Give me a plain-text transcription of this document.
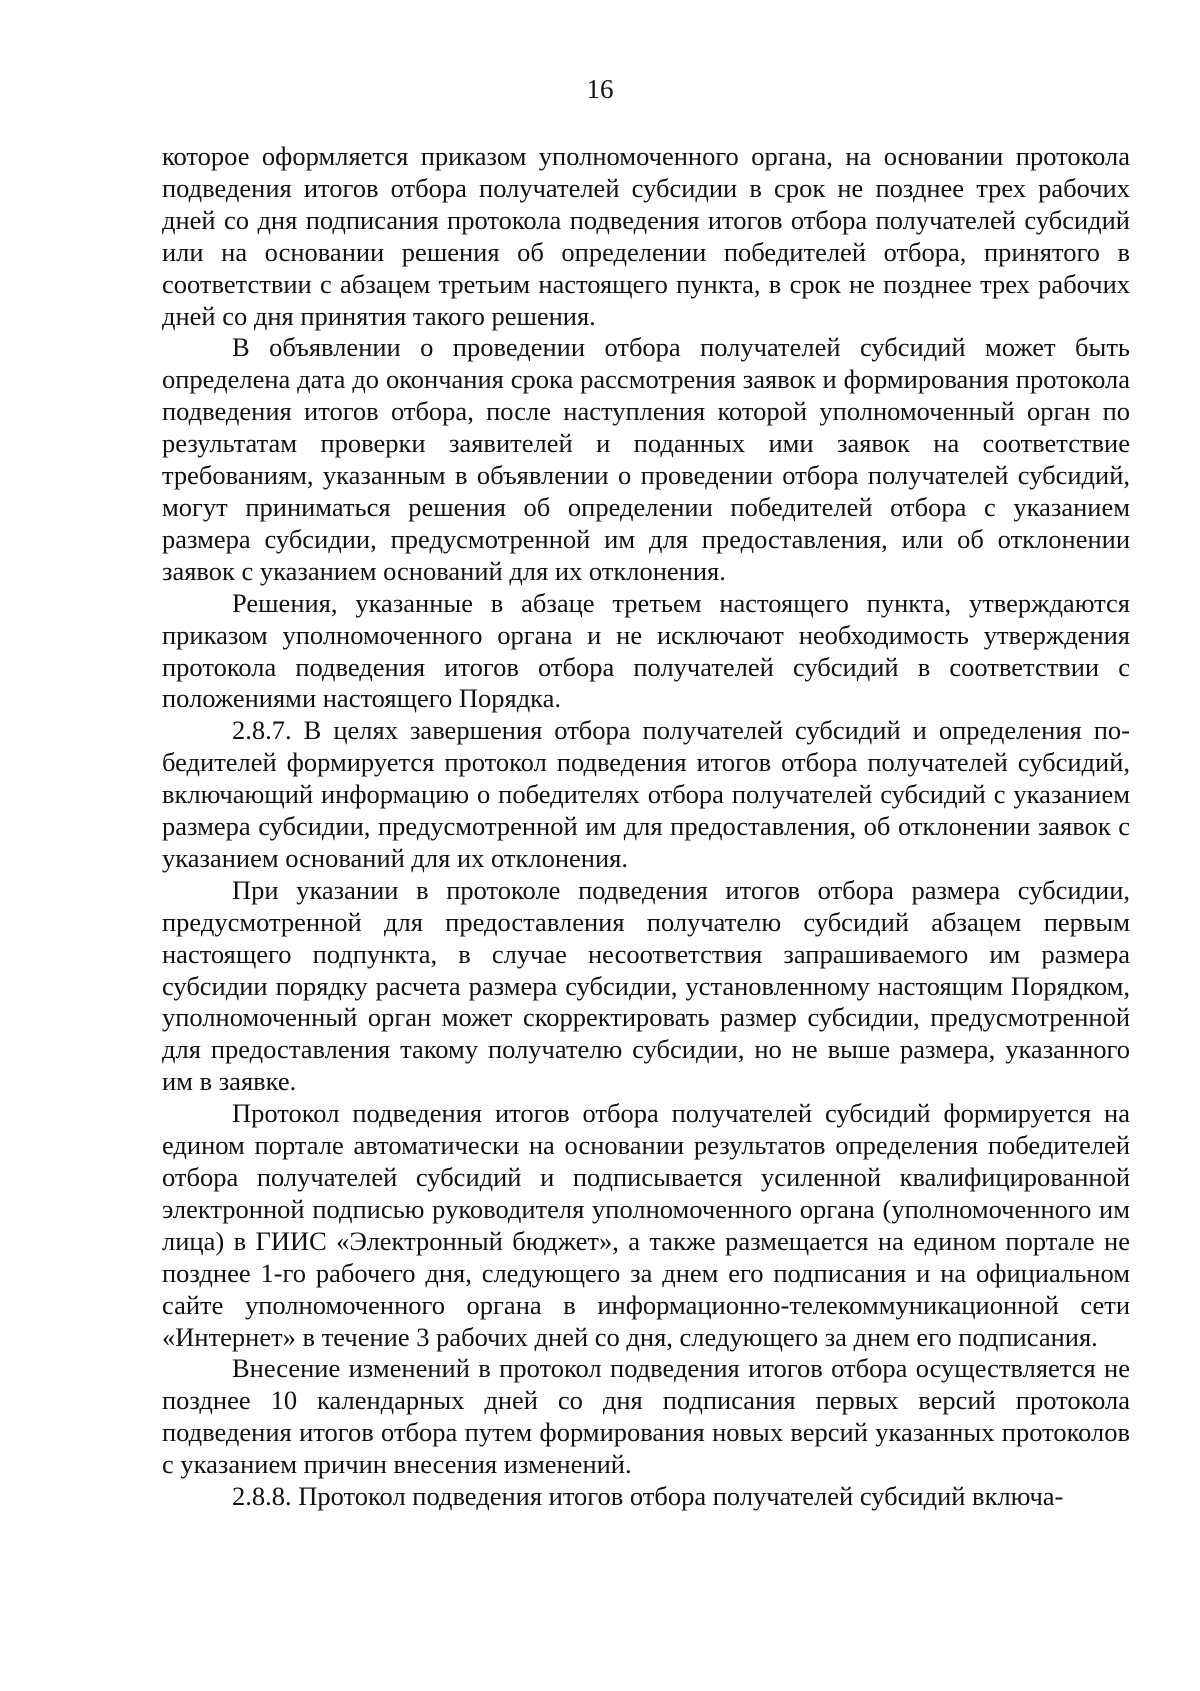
16

которое оформляется приказом уполномоченного органа, на основании протокола подведения итогов отбора получателей субсидии в срок не позднее трех рабочих дней со дня подписания протокола подведения итогов отбора получателей субсидий или на основании решения об определении победителей отбора, принятого в соответствии с абзацем третьим настоящего пункта, в срок не позднее трех рабочих дней со дня принятия такого решения.

В объявлении о проведении отбора получателей субсидий может быть определена дата до окончания срока рассмотрения заявок и формирования протокола подведения итогов отбора, после наступления которой уполномоченный орган по результатам проверки заявителей и поданных ими заявок на соответствие требованиям, указанным в объявлении о проведении отбора получателей субсидий, могут приниматься решения об определении победителей отбора с указанием размера субсидии, предусмотренной им для предоставления, или об отклонении заявок с указанием оснований для их отклонения.

Решения, указанные в абзаце третьем настоящего пункта, утверждаются приказом уполномоченного органа и не исключают необходимость утверждения протокола подведения итогов отбора получателей субсидий в соответствии с положениями настоящего Порядка.

2.8.7. В целях завершения отбора получателей субсидий и определения победителей формируется протокол подведения итогов отбора получателей субсидий, включающий информацию о победителях отбора получателей субсидий с указанием размера субсидии, предусмотренной им для предоставления, об отклонении заявок с указанием оснований для их отклонения.

При указании в протоколе подведения итогов отбора размера субсидии, предусмотренной для предоставления получателю субсидий абзацем первым настоящего подпункта, в случае несоответствия запрашиваемого им размера субсидии порядку расчета размера субсидии, установленному настоящим Порядком, уполномоченный орган может скорректировать размер субсидии, предусмотренной для предоставления такому получателю субсидии, но не выше размера, указанного им в заявке.

Протокол подведения итогов отбора получателей субсидий формируется на едином портале автоматически на основании результатов определения победителей отбора получателей субсидий и подписывается усиленной квалифицированной электронной подписью руководителя уполномоченного органа (уполномоченного им лица) в ГИИС «Электронный бюджет», а также размещается на едином портале не позднее 1-го рабочего дня, следующего за днем его подписания и на официальном сайте уполномоченного органа в информационно-телекоммуникационной сети «Интернет» в течение 3 рабочих дней со дня, следующего за днем его подписания.

Внесение изменений в протокол подведения итогов отбора осуществляется не позднее 10 календарных дней со дня подписания первых версий протокола подведения итогов отбора путем формирования новых версий указанных протоколов с указанием причин внесения изменений.

2.8.8. Протокол подведения итогов отбора получателей субсидий включа-
